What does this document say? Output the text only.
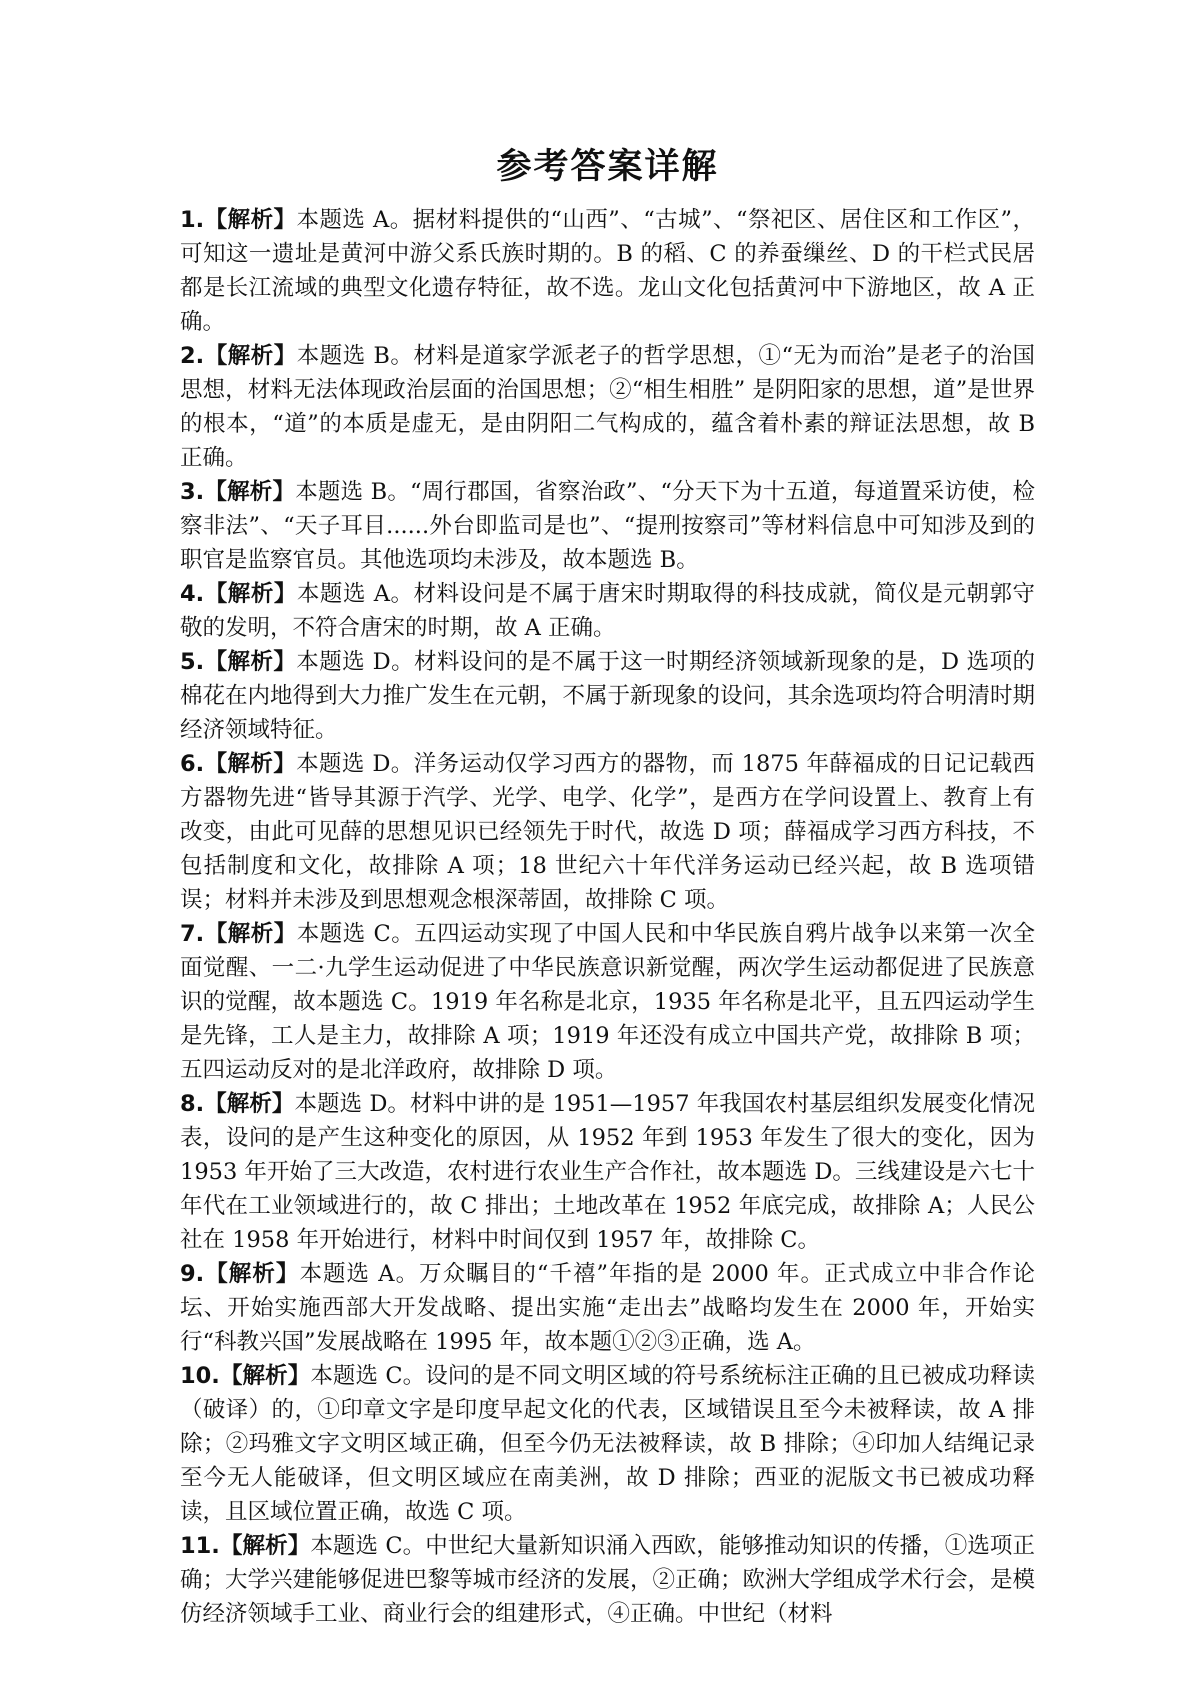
参考答案详解

1.【解析】本题选 A。据材料提供的“山西”、“古城”、“祭祀区、居住区和工作区”，可知这一遗址是黄河中游父系氏族时期的。B 的稻、C 的养蚕缫丝、D 的干栏式民居都是长江流域的典型文化遗存特征，故不选。龙山文化包括黄河中下游地区，故 A 正确。

2.【解析】本题选 B。材料是道家学派老子的哲学思想，①“无为而治”是老子的治国思想，材料无法体现政治层面的治国思想；②“相生相胜” 是阴阳家的思想，道”是世界的根本，“道”的本质是虚无，是由阴阳二气构成的，蕴含着朴素的辩证法思想，故 B 正确。

3.【解析】本题选 B。“周行郡国，省察治政”、“分天下为十五道，每道置采访使，检察非法”、“天子耳目......外台即监司是也”、“提刑按察司”等材料信息中可知涉及到的职官是监察官员。其他选项均未涉及，故本题选 B。

4.【解析】本题选 A。材料设问是不属于唐宋时期取得的科技成就，简仪是元朝郭守敬的发明，不符合唐宋的时期，故 A 正确。

5.【解析】本题选 D。材料设问的是不属于这一时期经济领域新现象的是，D 选项的棉花在内地得到大力推广发生在元朝，不属于新现象的设问，其余选项均符合明清时期经济领域特征。

6.【解析】本题选 D。洋务运动仅学习西方的器物，而 1875 年薛福成的日记记载西方器物先进“皆导其源于汽学、光学、电学、化学”，是西方在学问设置上、教育上有改变，由此可见薛的思想见识已经领先于时代，故选 D 项；薛福成学习西方科技，不包括制度和文化，故排除 A 项；18 世纪六十年代洋务运动已经兴起，故 B 选项错误；材料并未涉及到思想观念根深蒂固，故排除 C 项。

7.【解析】本题选 C。五四运动实现了中国人民和中华民族自鸦片战争以来第一次全面觉醒、一二·九学生运动促进了中华民族意识新觉醒，两次学生运动都促进了民族意识的觉醒，故本题选 C。1919 年名称是北京，1935 年名称是北平，且五四运动学生是先锋，工人是主力，故排除 A 项；1919 年还没有成立中国共产党，故排除 B 项；五四运动反对的是北洋政府，故排除 D 项。

8.【解析】本题选 D。材料中讲的是 1951—1957 年我国农村基层组织发展变化情况表，设问的是产生这种变化的原因，从 1952 年到 1953 年发生了很大的变化，因为 1953 年开始了三大改造，农村进行农业生产合作社，故本题选 D。三线建设是六七十年代在工业领域进行的，故 C 排出；土地改革在 1952 年底完成，故排除 A；人民公社在 1958 年开始进行，材料中时间仅到 1957 年，故排除 C。

9.【解析】本题选 A。万众瞩目的“千禧”年指的是 2000 年。正式成立中非合作论坛、开始实施西部大开发战略、提出实施“走出去”战略均发生在 2000 年，开始实行“科教兴国”发展战略在 1995 年，故本题①②③正确，选 A。

10.【解析】本题选 C。设问的是不同文明区域的符号系统标注正确的且已被成功释读（破译）的，①印章文字是印度早起文化的代表，区域错误且至今未被释读，故 A 排除；②玛雅文字文明区域正确，但至今仍无法被释读，故 B 排除；④印加人结绳记录至今无人能破译，但文明区域应在南美洲，故 D 排除；西亚的泥版文书已被成功释读，且区域位置正确，故选 C 项。

11.【解析】本题选 C。中世纪大量新知识涌入西欧，能够推动知识的传播，①选项正确；大学兴建能够促进巴黎等城市经济的发展，②正确；欧洲大学组成学术行会，是模仿经济领域手工业、商业行会的组建形式，④正确。中世纪（材料
